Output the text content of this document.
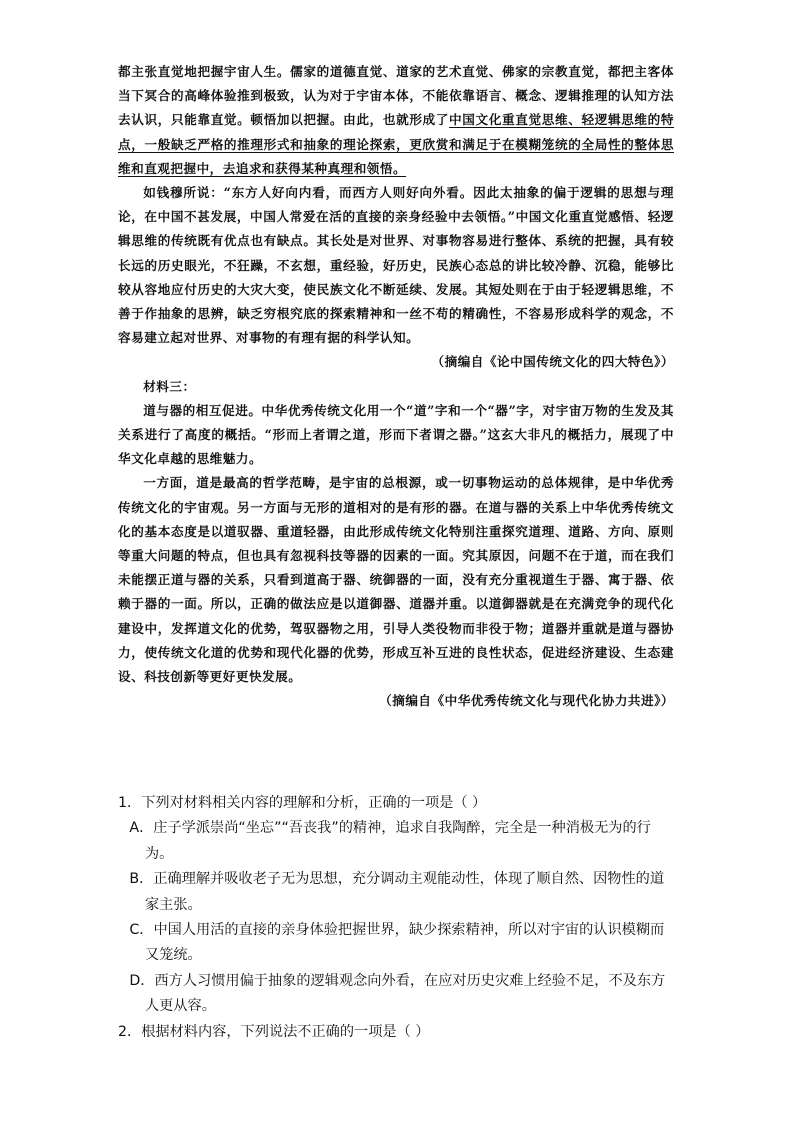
都主张直觉地把握宇宙人生。儒家的道德直觉、道家的艺术直觉、佛家的宗教直觉，都把主客体当下冥合的高峰体验推到极致，认为对于宇宙本体，不能依靠语言、概念、逻辑推理的认知方法去认识，只能靠直觉。顿悟加以把握。由此，也就形成了中国文化重直觉思维、轻逻辑思维的特点，一般缺乏严格的推理形式和抽象的理论探索，更欣赏和满足于在模糊笼统的全局性的整体思维和直观把握中，去追求和获得某种真理和领悟。

如钱穆所说：“东方人好向内看，而西方人则好向外看。因此太抽象的偏于逻辑的思想与理论，在中国不甚发展，中国人常爱在活的直接的亲身经验中去领悟。”中国文化重直觉感悟、轻逻辑思维的传统既有优点也有缺点。其长处是对世界、对事物容易进行整体、系统的把握，具有较长远的历史眼光，不狂躁，不玄想，重经验，好历史，民族心态总的讲比较冷静、沉稳，能够比较从容地应付历史的大灾大变，使民族文化不断延续、发展。其短处则在于由于轻逻辑思维，不善于作抽象的思辨，缺乏穷根究底的探索精神和一丝不苟的精确性，不容易形成科学的观念，不容易建立起对世界、对事物的有理有据的科学认知。

（摘编自《论中国传统文化的四大特色》）

材料三：

道与器的相互促进。中华优秀传统文化用一个“道”字和一个“器”字，对宇宙万物的生发及其关系进行了高度的概括。“形而上者谓之道，形而下者谓之器。”这玄大非凡的概括力，展现了中华文化卓越的思维魅力。

一方面，道是最高的哲学范畴，是宇宙的总根源，或一切事物运动的总体规律，是中华优秀传统文化的宇宙观。另一方面与无形的道相对的是有形的器。在道与器的关系上中华优秀传统文化的基本态度是以道驭器、重道轻器，由此形成传统文化特别注重探究道理、道路、方向、原则等重大问题的特点，但也具有忽视科技等器的因素的一面。究其原因，问题不在于道，而在我们未能摆正道与器的关系，只看到道高于器、统御器的一面，没有充分重视道生于器、寓于器、依赖于器的一面。所以，正确的做法应是以道御器、道器并重。以道御器就是在充满竞争的现代化建设中，发挥道文化的优势，驾驭器物之用，引导人类役物而非役于物；道器并重就是道与器协力，使传统文化道的优势和现代化器的优势，形成互补互进的良性状态，促进经济建设、生态建设、科技创新等更好更快发展。

（摘编自《中华优秀传统文化与现代化协力共进》）

1．下列对材料相关内容的理解和分析，正确的一项是（ ）

A．庄子学派崇尚“坐忘”“吾丧我”的精神，追求自我陶醉，完全是一种消极无为的行为。

B．正确理解并吸收老子无为思想，充分调动主观能动性，体现了顺自然、因物性的道家主张。

C．中国人用活的直接的亲身体验把握世界，缺少探索精神，所以对宇宙的认识模糊而又笼统。

D．西方人习惯用偏于抽象的逻辑观念向外看，在应对历史灾难上经验不足，不及东方人更从容。

2．根据材料内容，下列说法不正确的一项是（ ）
